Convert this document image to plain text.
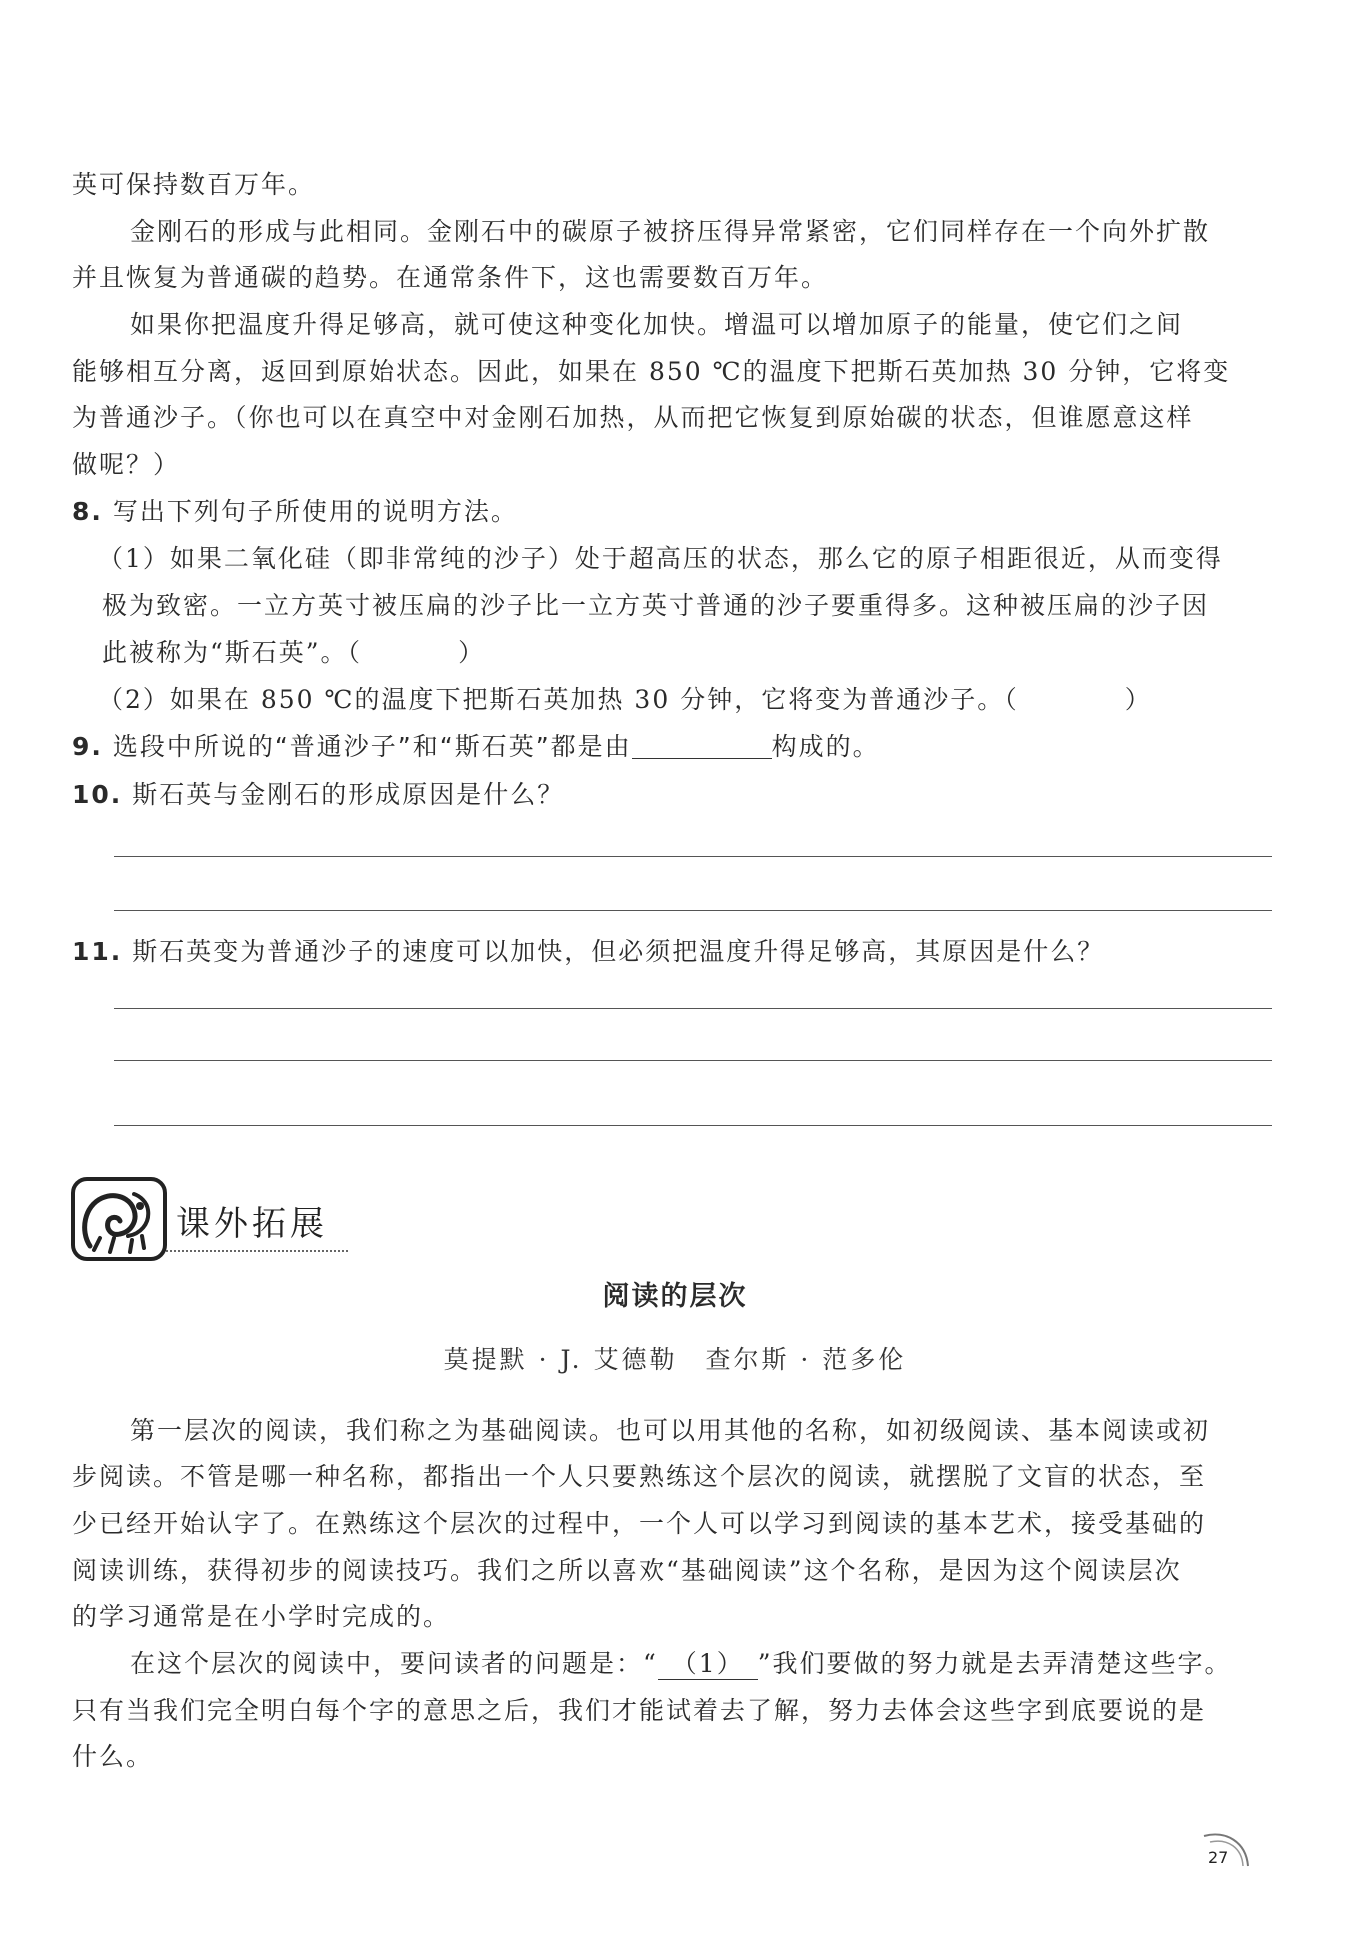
英可保持数百万年。
金刚石的形成与此相同。金刚石中的碳原子被挤压得异常紧密，它们同样存在一个向外扩散
并且恢复为普通碳的趋势。在通常条件下，这也需要数百万年。
如果你把温度升得足够高，就可使这种变化加快。增温可以增加原子的能量，使它们之间
能够相互分离，返回到原始状态。因此，如果在 850 ℃的温度下把斯石英加热 30 分钟，它将变
为普通沙子。（你也可以在真空中对金刚石加热，从而把它恢复到原始碳的状态，但谁愿意这样
做呢？）
8. 写出下列句子所使用的说明方法。
（1）如果二氧化硅（即非常纯的沙子）处于超高压的状态，那么它的原子相距很近，从而变得
极为致密。一立方英寸被压扁的沙子比一立方英寸普通的沙子要重得多。这种被压扁的沙子因
此被称为“斯石英”。（	）
（2）如果在 850 ℃的温度下把斯石英加热 30 分钟，它将变为普通沙子。（	）
9. 选段中所说的“普通沙子”和“斯石英”都是由	构成的。
10. 斯石英与金刚石的形成原因是什么？
11. 斯石英变为普通沙子的速度可以加快，但必须把温度升得足够高，其原因是什么？
课外拓展
阅读的层次
莫提默 · J. 艾德勒　查尔斯 · 范多伦
第一层次的阅读，我们称之为基础阅读。也可以用其他的名称，如初级阅读、基本阅读或初
步阅读。不管是哪一种名称，都指出一个人只要熟练这个层次的阅读，就摆脱了文盲的状态，至
少已经开始认字了。在熟练这个层次的过程中，一个人可以学习到阅读的基本艺术，接受基础的
阅读训练，获得初步的阅读技巧。我们之所以喜欢“基础阅读”这个名称，是因为这个阅读层次
的学习通常是在小学时完成的。
在这个层次的阅读中，要问读者的问题是：“ （1） ”我们要做的努力就是去弄清楚这些字。
只有当我们完全明白每个字的意思之后，我们才能试着去了解，努力去体会这些字到底要说的是
什么。
27
